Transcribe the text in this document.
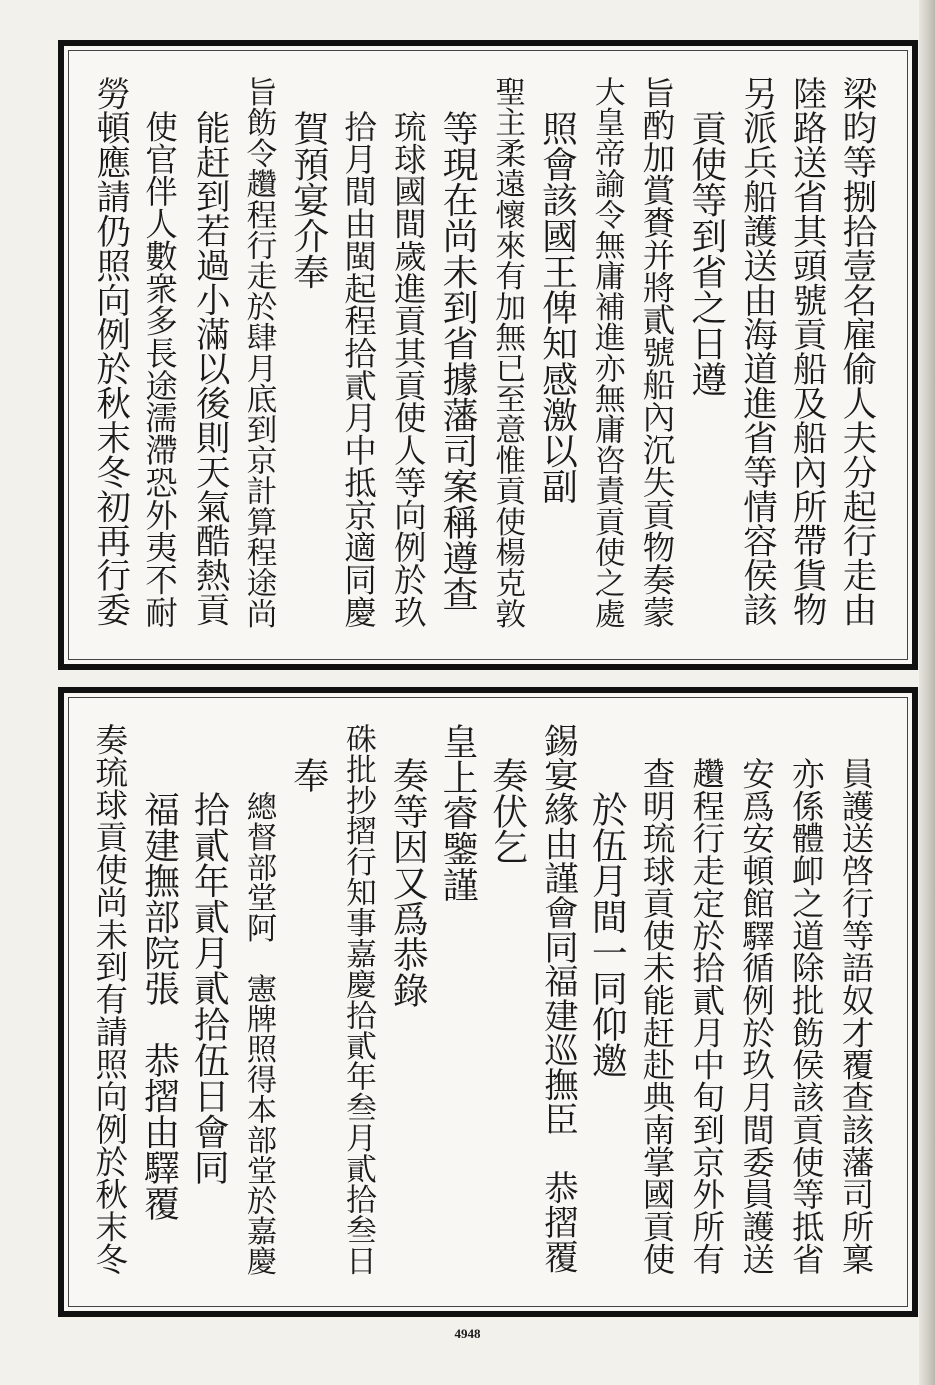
梁昀等捌拾壹名雇偷人夫分起行走由
陸路送省其頭號貢船及船內所帶貨物
另派兵船護送由海道進省等情容侯該
貢使等到省之日遵
旨酌加賞賚并將貳號船內沉失貢物奏蒙
大皇帝諭令無庸補進亦無庸咨責貢使之處
照會該國王俾知感激以副
聖主柔遠懷來有加無已至意惟貢使楊克敦
等現在尚未到省據藩司案稱遵查
琉球國間歲進貢其貢使人等向例於玖
拾月間由閩起程拾貳月中抵京適同慶
賀預宴介奉
旨飭令趲程行走於肆月底到京計算程途尚
能赶到若過小滿以後則天氣酷熱貢
使官伴人數衆多長途濡滯恐外夷不耐
勞頓應請仍照向例於秋末冬初再行委
員護送啓行等語奴才覆查該藩司所稟
亦係體卹之道除批飭侯該貢使等抵省
安爲安頓館驛循例於玖月間委員護送
趲程行走定於拾貳月中旬到京外所有
查明琉球貢使未能赶赴典南掌國貢使
於伍月間一同仰邀
錫宴緣由謹會同福建巡撫臣　恭摺覆
奏伏乞
皇上睿鑒謹
奏等因又爲恭錄
硃批抄摺行知事嘉慶拾貳年叁月貳拾叁日
奉
總督部堂阿　憲牌照得本部堂於嘉慶
拾貳年貳月貳拾伍日會同
福建撫部院張　恭摺由驛覆
奏琉球貢使尚未到有請照向例於秋末冬
4948
